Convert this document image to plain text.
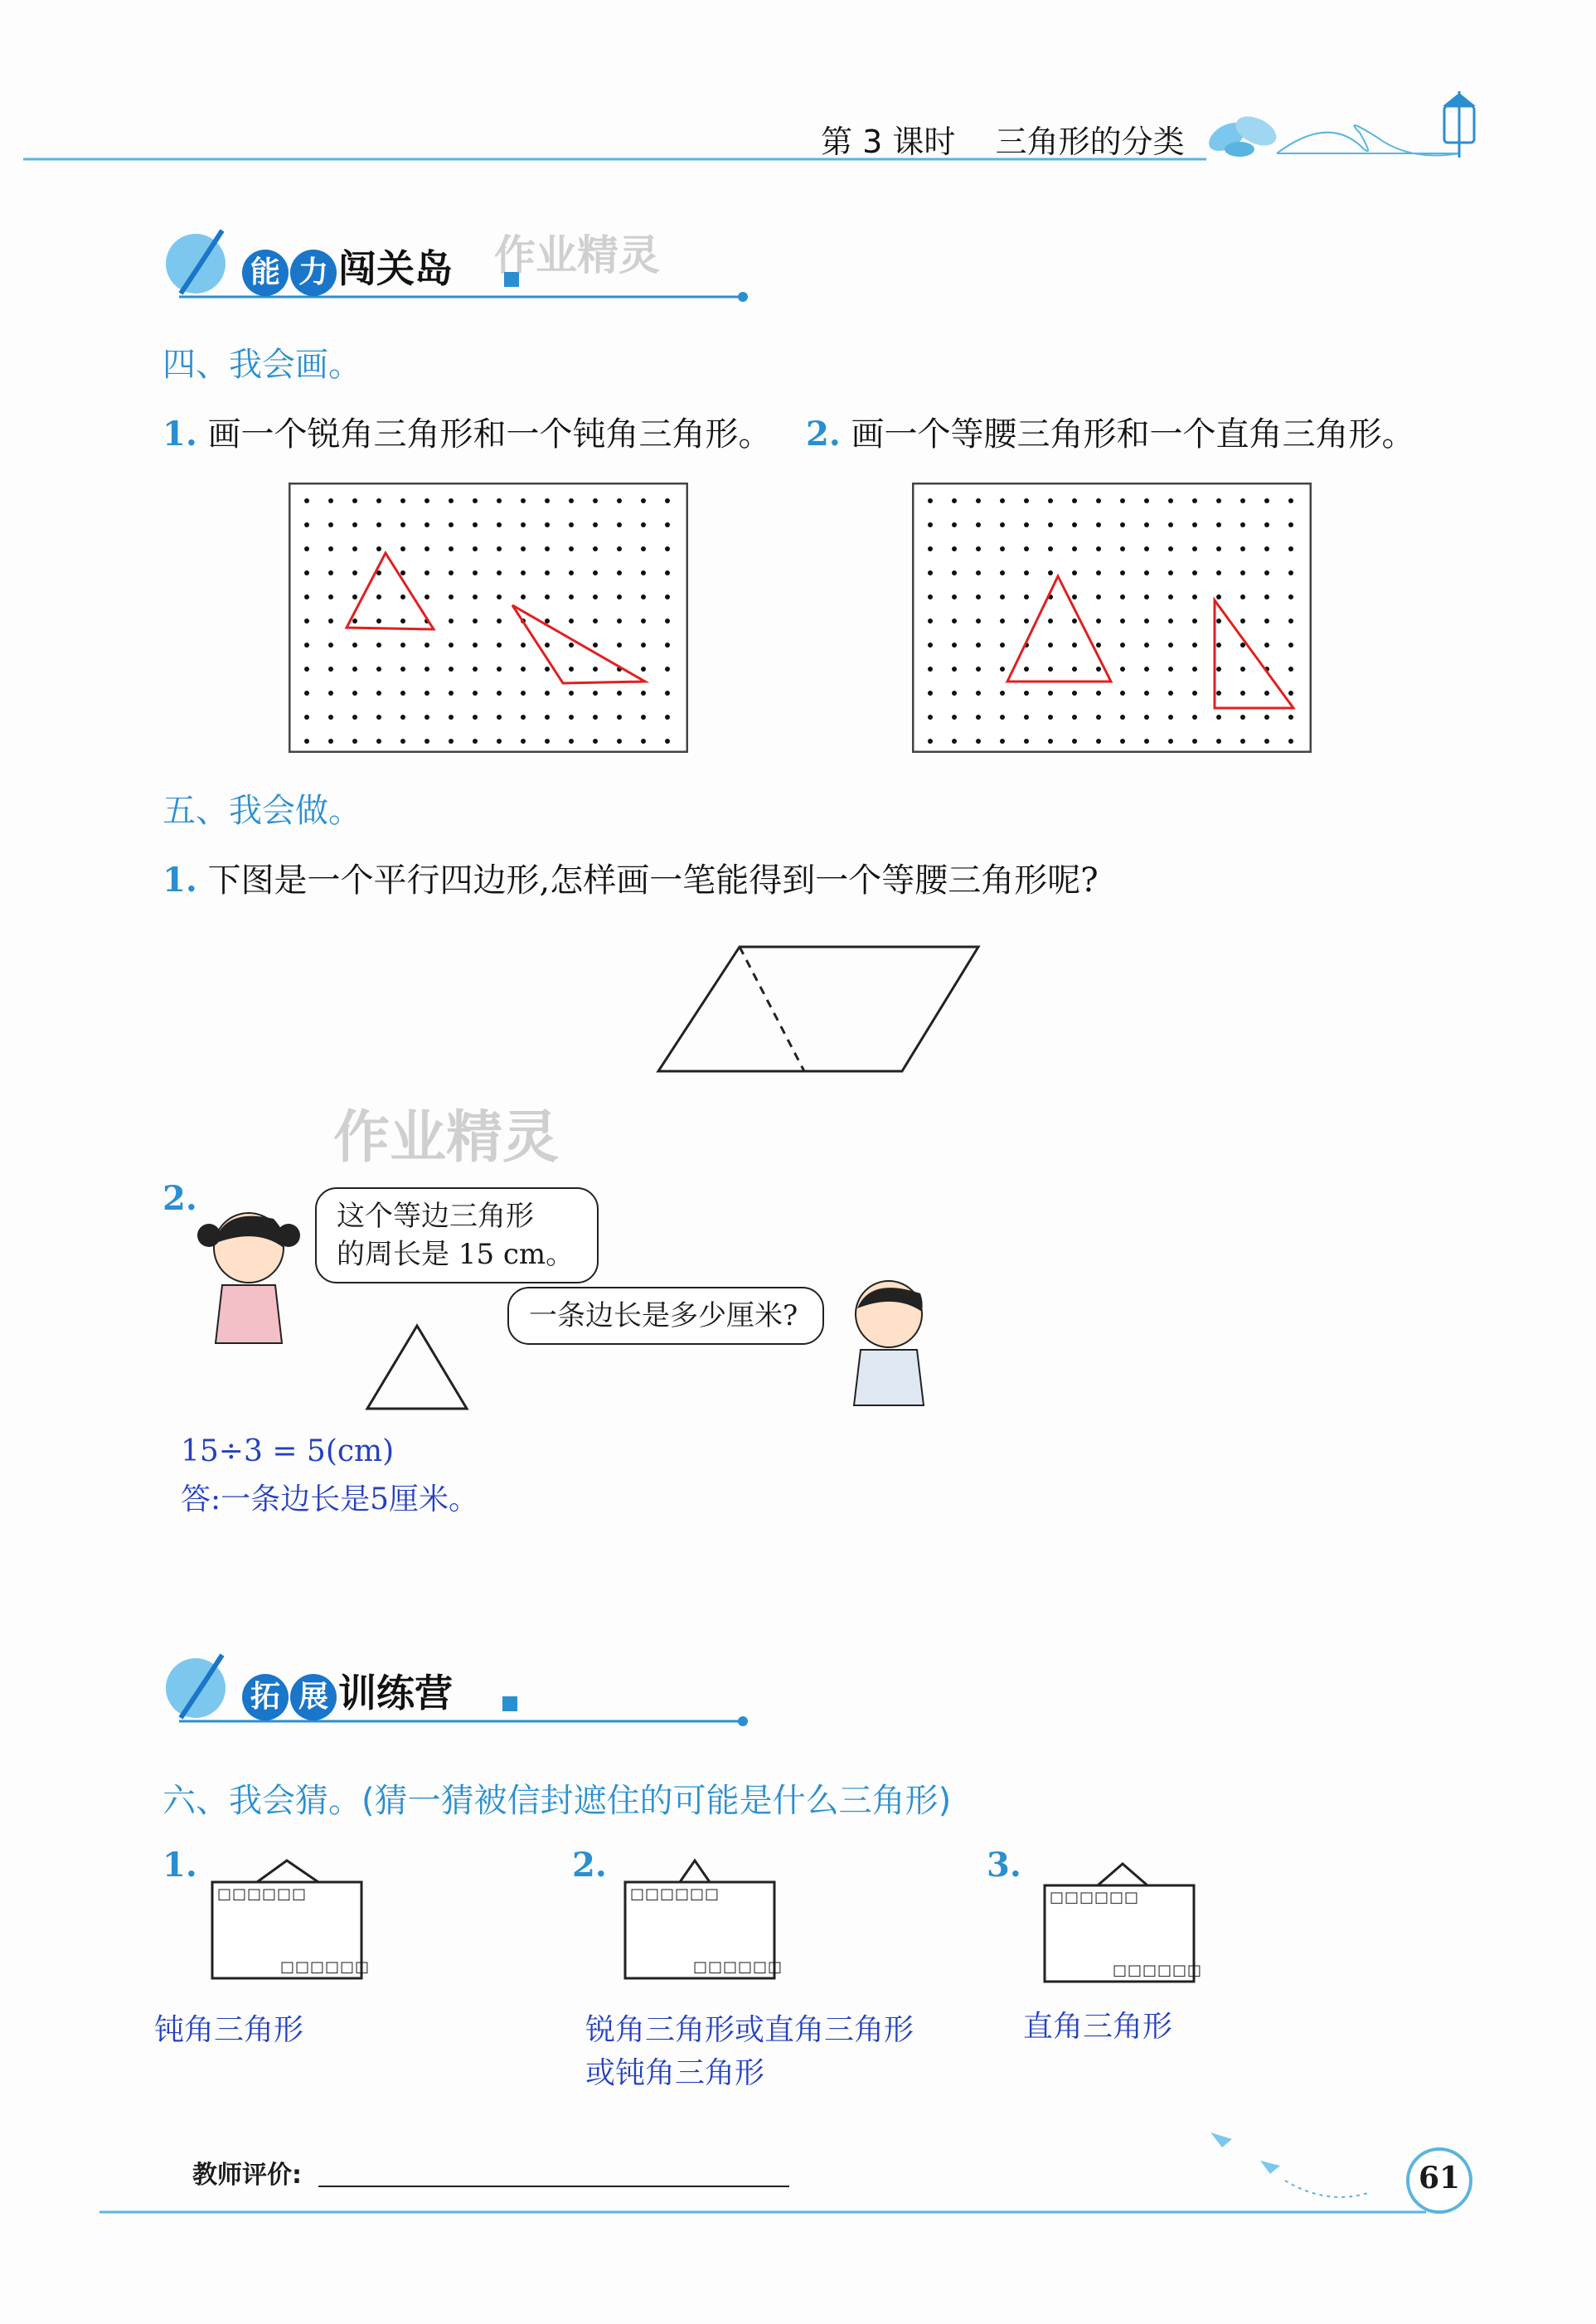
第 3 课时    三角形的分类
能 力 闯关岛 作业精灵
四、我会画。
1. 画一个锐角三角形和一个钝角三角形。 2. 画一个等腰三角形和一个直角三角形。
五、我会做。
1. 下图是一个平行四边形,怎样画一笔能得到一个等腰三角形呢?
作业精灵
2.	这个等边三角形
的周长是 15 cm。
一条边长是多少厘米?
15÷3 = 5(cm)
答:一条边长是5厘米。
拓 展 训练营
六、我会猜。(猜一猜被信封遮住的可能是什么三角形)
1.
□□□□□□
□□□□□□
钝角三角形
2.
□□□□□□
□□□□□□
锐角三角形或直角三角形
或钝角三角形
3.
□□□□□□
□□□□□□
直角三角形
教师评价:	61
